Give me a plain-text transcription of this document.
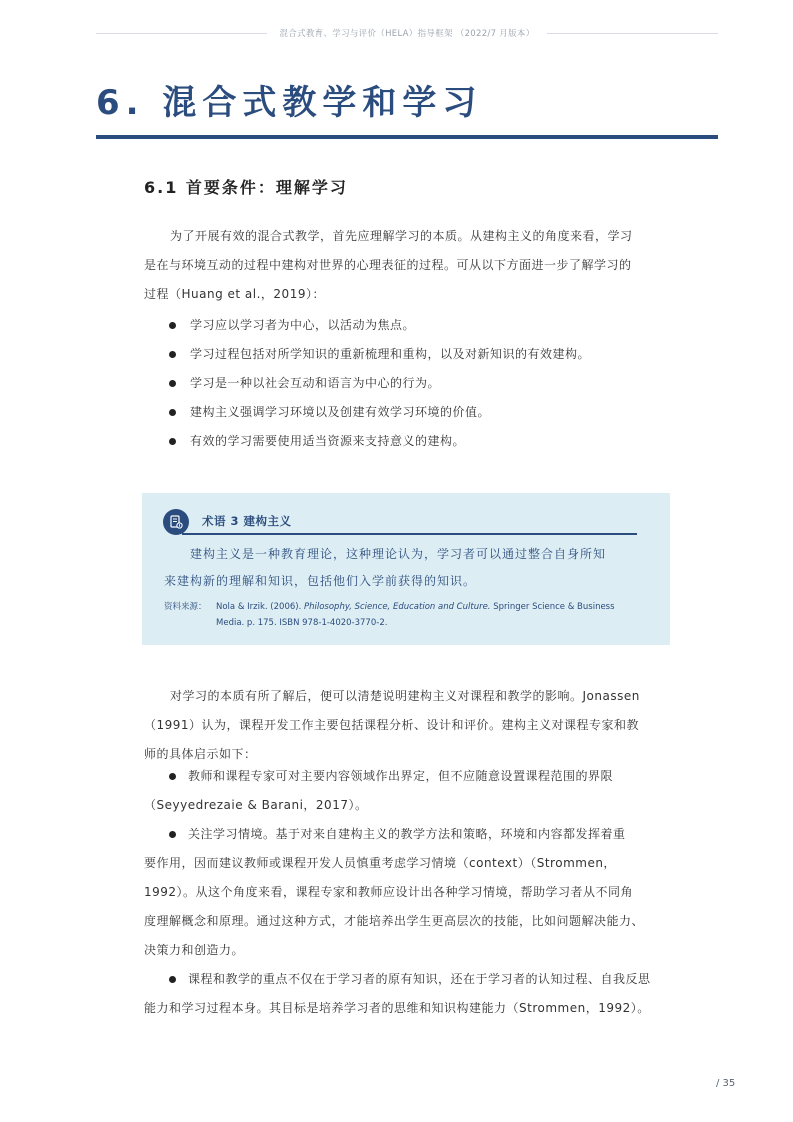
混合式教育、学习与评价（HELA）指导框架 （2022/7 月版本）
6. 混合式教学和学习
6.1 首要条件：理解学习

为了开展有效的混合式教学，首先应理解学习的本质。从建构主义的角度来看，学习

是在与环境互动的过程中建构对世界的心理表征的过程。可从以下方面进一步了解学习的

过程（Huang et al.，2019）：

学习应以学习者为中心，以活动为焦点。
学习过程包括对所学知识的重新梳理和重构，以及对新知识的有效建构。
学习是一种以社会互动和语言为中心的行为。
建构主义强调学习环境以及创建有效学习环境的价值。
有效的学习需要使用适当资源来支持意义的建构。
术语 3 建构主义

建构主义是一种教育理论，这种理论认为，学习者可以通过整合自身所知

来建构新的理解和知识，包括他们入学前获得的知识。

资料来源： Nola & Irzik. (2006). Philosophy, Science, Education and Culture. Springer Science & Business
Media. p. 175. ISBN 978-1-4020-3770-2.

对学习的本质有所了解后，便可以清楚说明建构主义对课程和教学的影响。Jonassen

（1991）认为，课程开发工作主要包括课程分析、设计和评价。建构主义对课程专家和教

师的具体启示如下：

教师和课程专家可对主要内容领域作出界定，但不应随意设置课程范围的界限

（Seyyedrezaie & Barani，2017）。

关注学习情境。基于对来自建构主义的教学方法和策略，环境和内容都发挥着重

要作用，因而建议教师或课程开发人员慎重考虑学习情境（context）（Strommen，

1992）。从这个角度来看，课程专家和教师应设计出各种学习情境，帮助学习者从不同角

度理解概念和原理。通过这种方式，才能培养出学生更高层次的技能，比如问题解决能力、

决策力和创造力。

课程和教学的重点不仅在于学习者的原有知识，还在于学习者的认知过程、自我反思

能力和学习过程本身。其目标是培养学习者的思维和知识构建能力（Strommen，1992）。

/ 35
